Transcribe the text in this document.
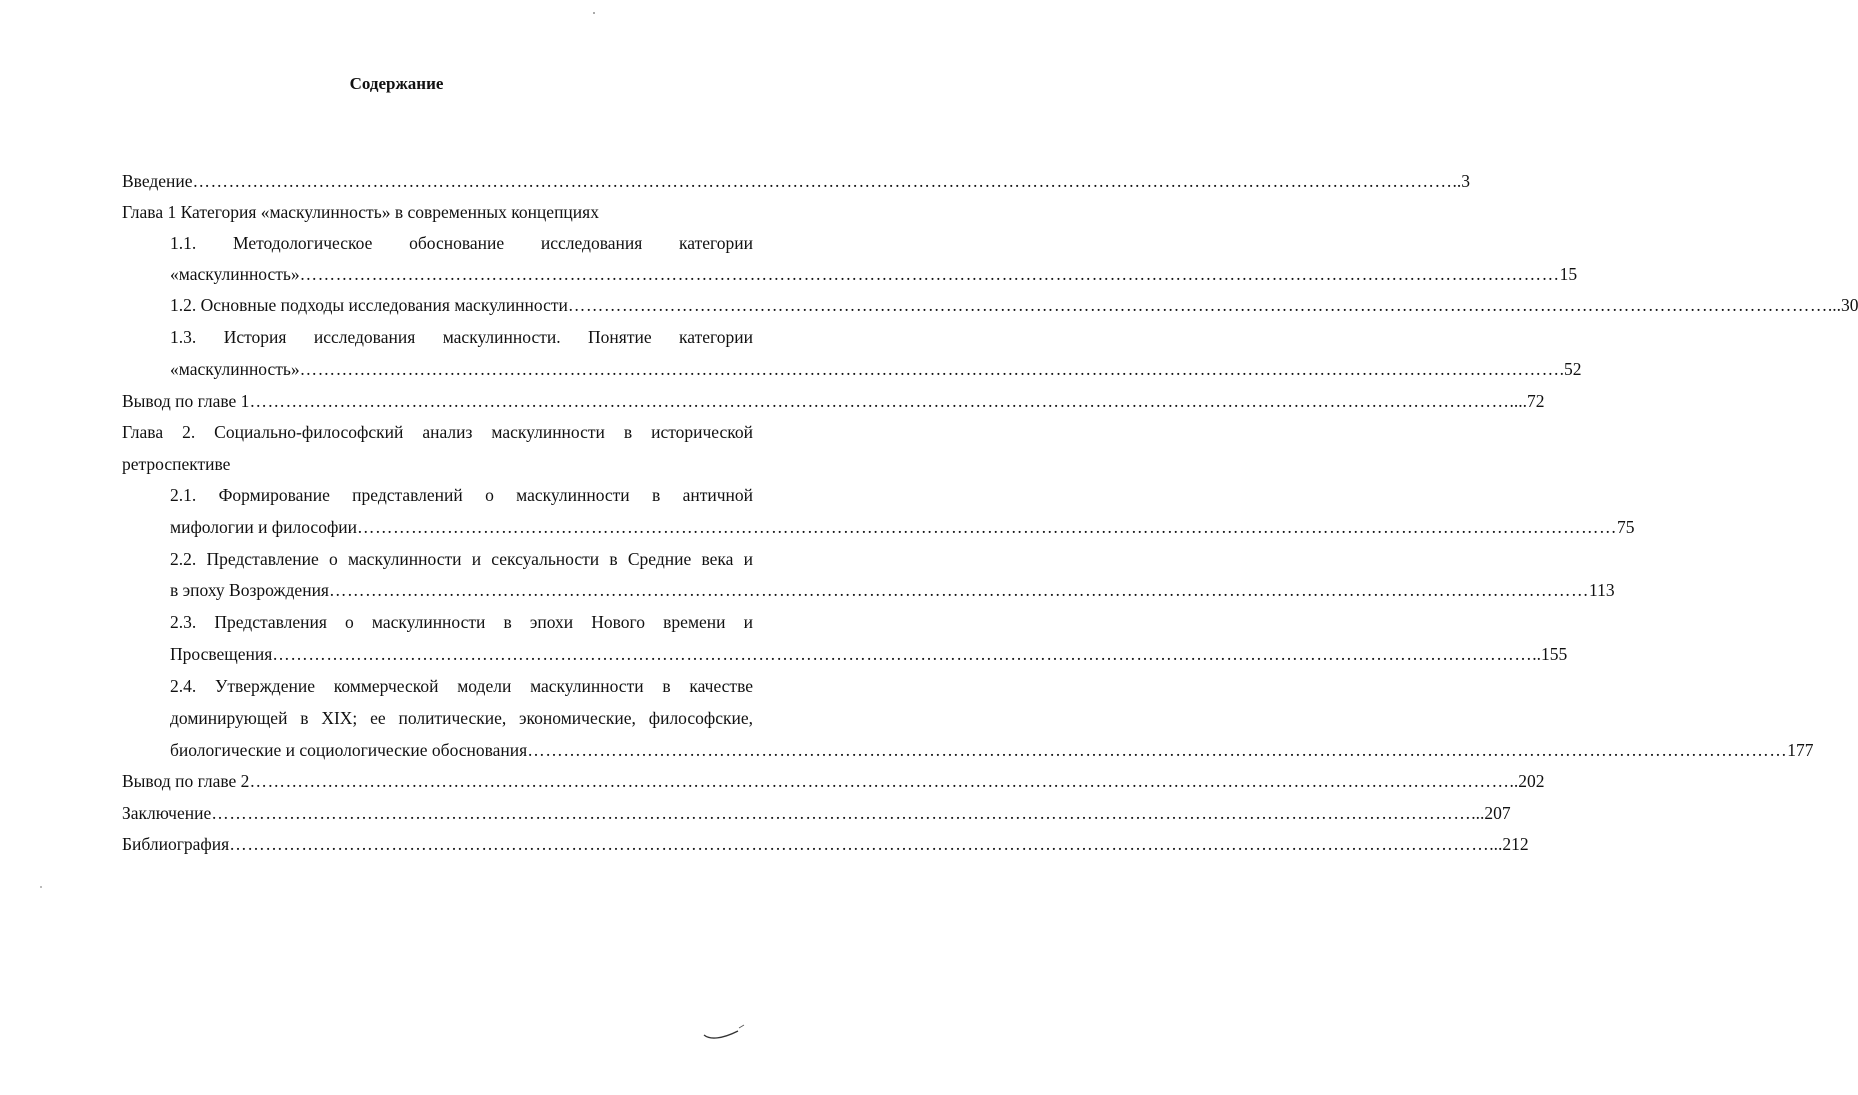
Содержание
Введение ………………………………………………………………………………………………………………………………………………………………………………………… ..3
Глава 1 Категория «маскулинность» в современных концепциях
1.1. Методологическое обоснование исследования категории
«маскулинность» ………………………………………………………………………………………………………………………………………………………………………………………… 15
1.2. Основные подходы исследования маскулинности ………………………………………………………………………………………………………………………………………………………………………………………… ...30
1.3. История исследования маскулинности. Понятие категории
«маскулинность» ………………………………………………………………………………………………………………………………………………………………………………………… .52
Вывод по главе 1 ………………………………………………………………………………………………………………………………………………………………………………………… ....72
Глава 2. Социально-философский анализ маскулинности в исторической
ретроспективе
2.1. Формирование представлений о маскулинности в античной
мифологии и философии ………………………………………………………………………………………………………………………………………………………………………………………… 75
2.2. Представление о маскулинности и сексуальности в Средние века и
в эпоху Возрождения ………………………………………………………………………………………………………………………………………………………………………………………… 113
2.3. Представления о маскулинности в эпохи Нового времени и
Просвещения ………………………………………………………………………………………………………………………………………………………………………………………… ..155
2.4. Утверждение коммерческой модели маскулинности в качестве
доминирующей в XIX; ее политические, экономические, философские,
биологические и социологические обоснования ………………………………………………………………………………………………………………………………………………………………………………………… 177
Вывод по главе 2 ………………………………………………………………………………………………………………………………………………………………………………………… ..202
Заключение ………………………………………………………………………………………………………………………………………………………………………………………… ...207
Библиография ………………………………………………………………………………………………………………………………………………………………………………………… ...212
